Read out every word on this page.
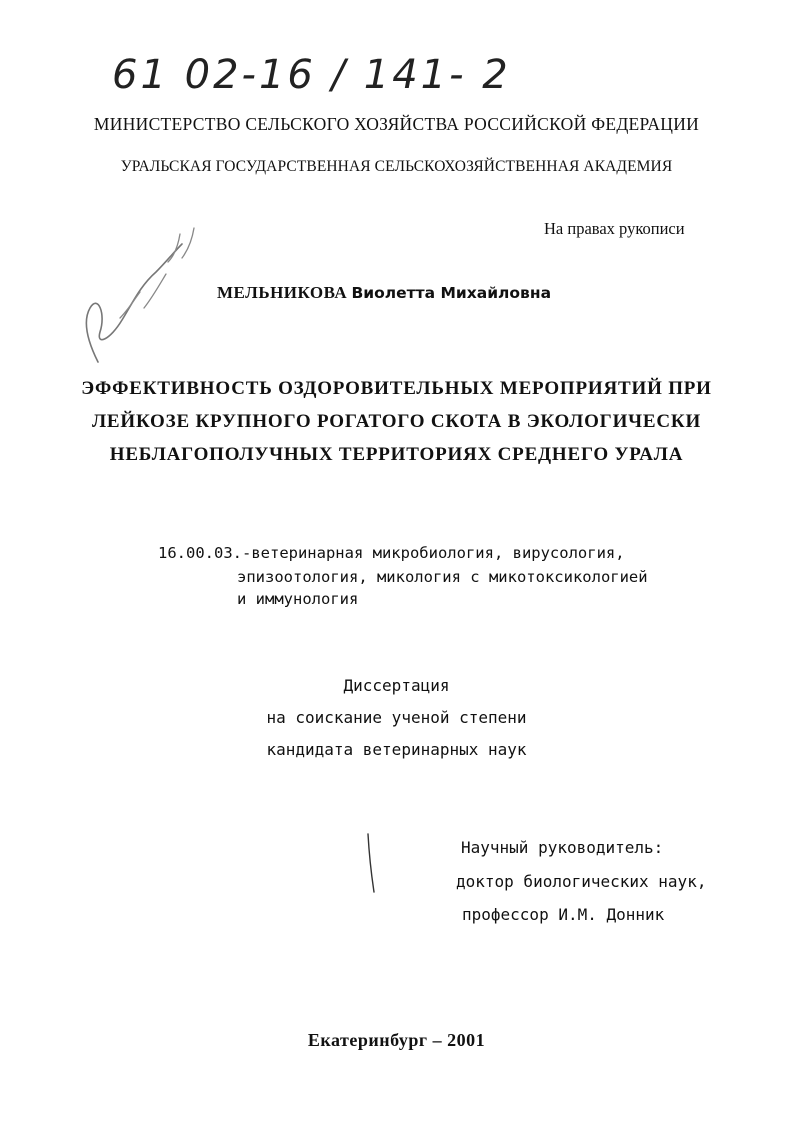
61 02-16 / 141- 2
МИНИСТЕРСТВО СЕЛЬСКОГО ХОЗЯЙСТВА РОССИЙСКОЙ ФЕДЕРАЦИИ
УРАЛЬСКАЯ ГОСУДАРСТВЕННАЯ СЕЛЬСКОХОЗЯЙСТВЕННАЯ АКАДЕМИЯ
На правах рукописи
МЕЛЬНИКОВА Виолетта Михайловна
ЭФФЕКТИВНОСТЬ ОЗДОРОВИТЕЛЬНЫХ МЕРОПРИЯТИЙ ПРИ
ЛЕЙКОЗЕ КРУПНОГО РОГАТОГО СКОТА В ЭКОЛОГИЧЕСКИ
НЕБЛАГОПОЛУЧНЫХ ТЕРРИТОРИЯХ СРЕДНЕГО УРАЛА
16.00.03.-ветеринарная микробиология, вирусология,
эпизоотология, микология с микотоксикологией
и иммунология
Диссертация
на соискание ученой степени
кандидата ветеринарных наук
Научный руководитель:
доктор биологических наук,
профессор И.М. Донник
Екатеринбург – 2001
